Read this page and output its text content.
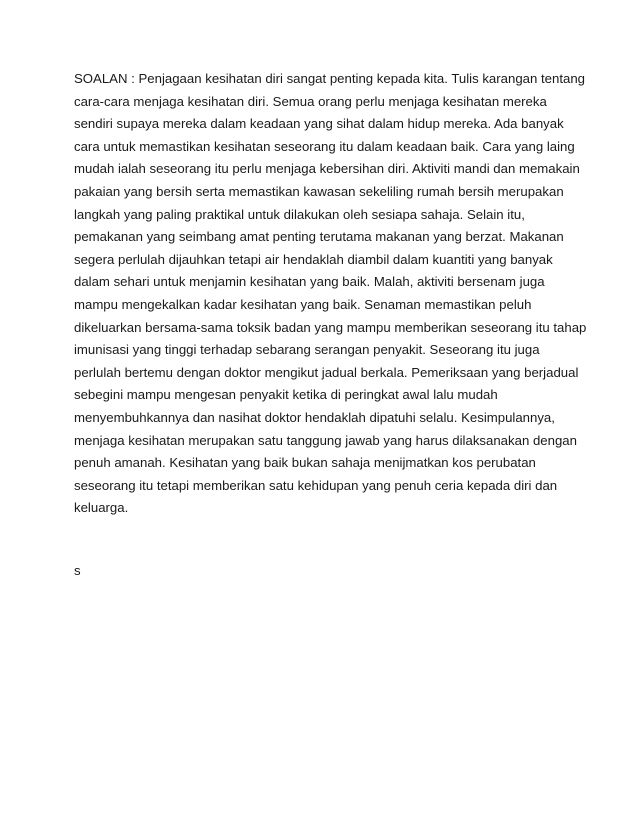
SOALAN : Penjagaan kesihatan diri sangat penting kepada kita. Tulis karangan tentang
cara-cara menjaga kesihatan diri. Semua orang perlu menjaga kesihatan mereka
sendiri supaya mereka dalam keadaan yang sihat dalam hidup mereka. Ada banyak
cara untuk memastikan kesihatan seseorang itu dalam keadaan baik. Cara yang laing
mudah ialah seseorang itu perlu menjaga kebersihan diri. Aktiviti mandi dan memakain
pakaian yang bersih serta memastikan kawasan sekeliling rumah bersih merupakan
langkah yang paling praktikal untuk dilakukan oleh sesiapa sahaja. Selain itu,
pemakanan yang seimbang amat penting terutama makanan yang berzat. Makanan
segera perlulah dijauhkan tetapi air hendaklah diambil dalam kuantiti yang banyak
dalam sehari untuk menjamin kesihatan yang baik. Malah, aktiviti bersenam juga
mampu mengekalkan kadar kesihatan yang baik. Senaman memastikan peluh
dikeluarkan bersama-sama toksik badan yang mampu memberikan seseorang itu tahap
imunisasi yang tinggi terhadap sebarang serangan penyakit. Seseorang itu juga
perlulah bertemu dengan doktor mengikut jadual berkala. Pemeriksaan yang berjadual
sebegini mampu mengesan penyakit ketika di peringkat awal lalu mudah
menyembuhkannya dan nasihat doktor hendaklah dipatuhi selalu. Kesimpulannya,
menjaga kesihatan merupakan satu tanggung jawab yang harus dilaksanakan dengan
penuh amanah. Kesihatan yang baik bukan sahaja menijmatkan kos perubatan
seseorang itu tetapi memberikan satu kehidupan yang penuh ceria kepada diri dan
keluarga.
s
